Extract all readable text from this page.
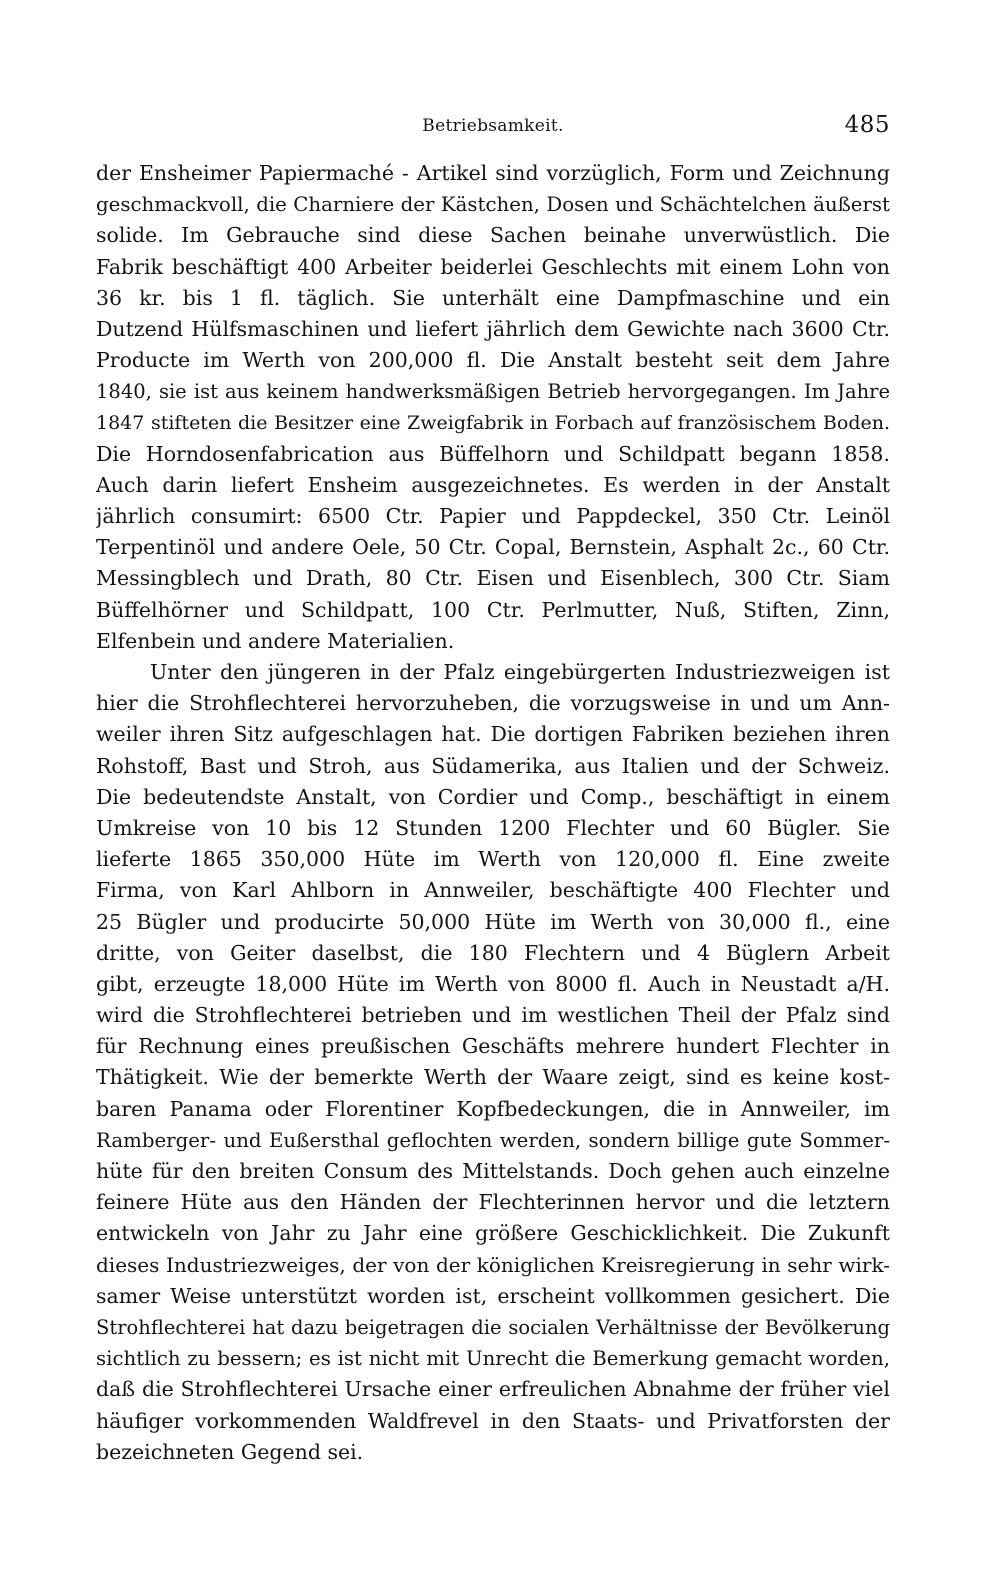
Betriebsamkeit.	485
der Ensheimer Papiermaché - Artikel sind vorzüglich, Form und Zeichnung
geschmackvoll, die Charniere der Kästchen, Dosen und Schächtelchen äußerst
solide. Im Gebrauche sind diese Sachen beinahe unverwüstlich. Die
Fabrik beschäftigt 400 Arbeiter beiderlei Geschlechts mit einem Lohn von
36 kr. bis 1 fl. täglich. Sie unterhält eine Dampfmaschine und ein
Dutzend Hülfsmaschinen und liefert jährlich dem Gewichte nach 3600 Ctr.
Producte im Werth von 200,000 fl. Die Anstalt besteht seit dem Jahre
1840, sie ist aus keinem handwerksmäßigen Betrieb hervorgegangen. Im Jahre
1847 stifteten die Besitzer eine Zweigfabrik in Forbach auf französischem Boden.
Die Horndosenfabrication aus Büffelhorn und Schildpatt begann 1858.
Auch darin liefert Ensheim ausgezeichnetes. Es werden in der Anstalt
jährlich consumirt: 6500 Ctr. Papier und Pappdeckel, 350 Ctr. Leinöl
Terpentinöl und andere Oele, 50 Ctr. Copal, Bernstein, Asphalt 2c., 60 Ctr.
Messingblech und Drath, 80 Ctr. Eisen und Eisenblech, 300 Ctr. Siam
Büffelhörner und Schildpatt, 100 Ctr. Perlmutter, Nuß, Stiften, Zinn,
Elfenbein und andere Materialien.
Unter den jüngeren in der Pfalz eingebürgerten Industriezweigen ist
hier die Strohflechterei hervorzuheben, die vorzugsweise in und um Ann-
weiler ihren Sitz aufgeschlagen hat. Die dortigen Fabriken beziehen ihren
Rohstoff, Bast und Stroh, aus Südamerika, aus Italien und der Schweiz.
Die bedeutendste Anstalt, von Cordier und Comp., beschäftigt in einem
Umkreise von 10 bis 12 Stunden 1200 Flechter und 60 Bügler. Sie
lieferte 1865 350,000 Hüte im Werth von 120,000 fl. Eine zweite
Firma, von Karl Ahlborn in Annweiler, beschäftigte 400 Flechter und
25 Bügler und producirte 50,000 Hüte im Werth von 30,000 fl., eine
dritte, von Geiter daselbst, die 180 Flechtern und 4 Büglern Arbeit
gibt, erzeugte 18,000 Hüte im Werth von 8000 fl. Auch in Neustadt a/H.
wird die Strohflechterei betrieben und im westlichen Theil der Pfalz sind
für Rechnung eines preußischen Geschäfts mehrere hundert Flechter in
Thätigkeit. Wie der bemerkte Werth der Waare zeigt, sind es keine kost-
baren Panama oder Florentiner Kopfbedeckungen, die in Annweiler, im
Ramberger- und Eußersthal geflochten werden, sondern billige gute Sommer-
hüte für den breiten Consum des Mittelstands. Doch gehen auch einzelne
feinere Hüte aus den Händen der Flechterinnen hervor und die letztern
entwickeln von Jahr zu Jahr eine größere Geschicklichkeit. Die Zukunft
dieses Industriezweiges, der von der königlichen Kreisregierung in sehr wirk-
samer Weise unterstützt worden ist, erscheint vollkommen gesichert. Die
Strohflechterei hat dazu beigetragen die socialen Verhältnisse der Bevölkerung
sichtlich zu bessern; es ist nicht mit Unrecht die Bemerkung gemacht worden,
daß die Strohflechterei Ursache einer erfreulichen Abnahme der früher viel
häufiger vorkommenden Waldfrevel in den Staats- und Privatforsten der
bezeichneten Gegend sei.
